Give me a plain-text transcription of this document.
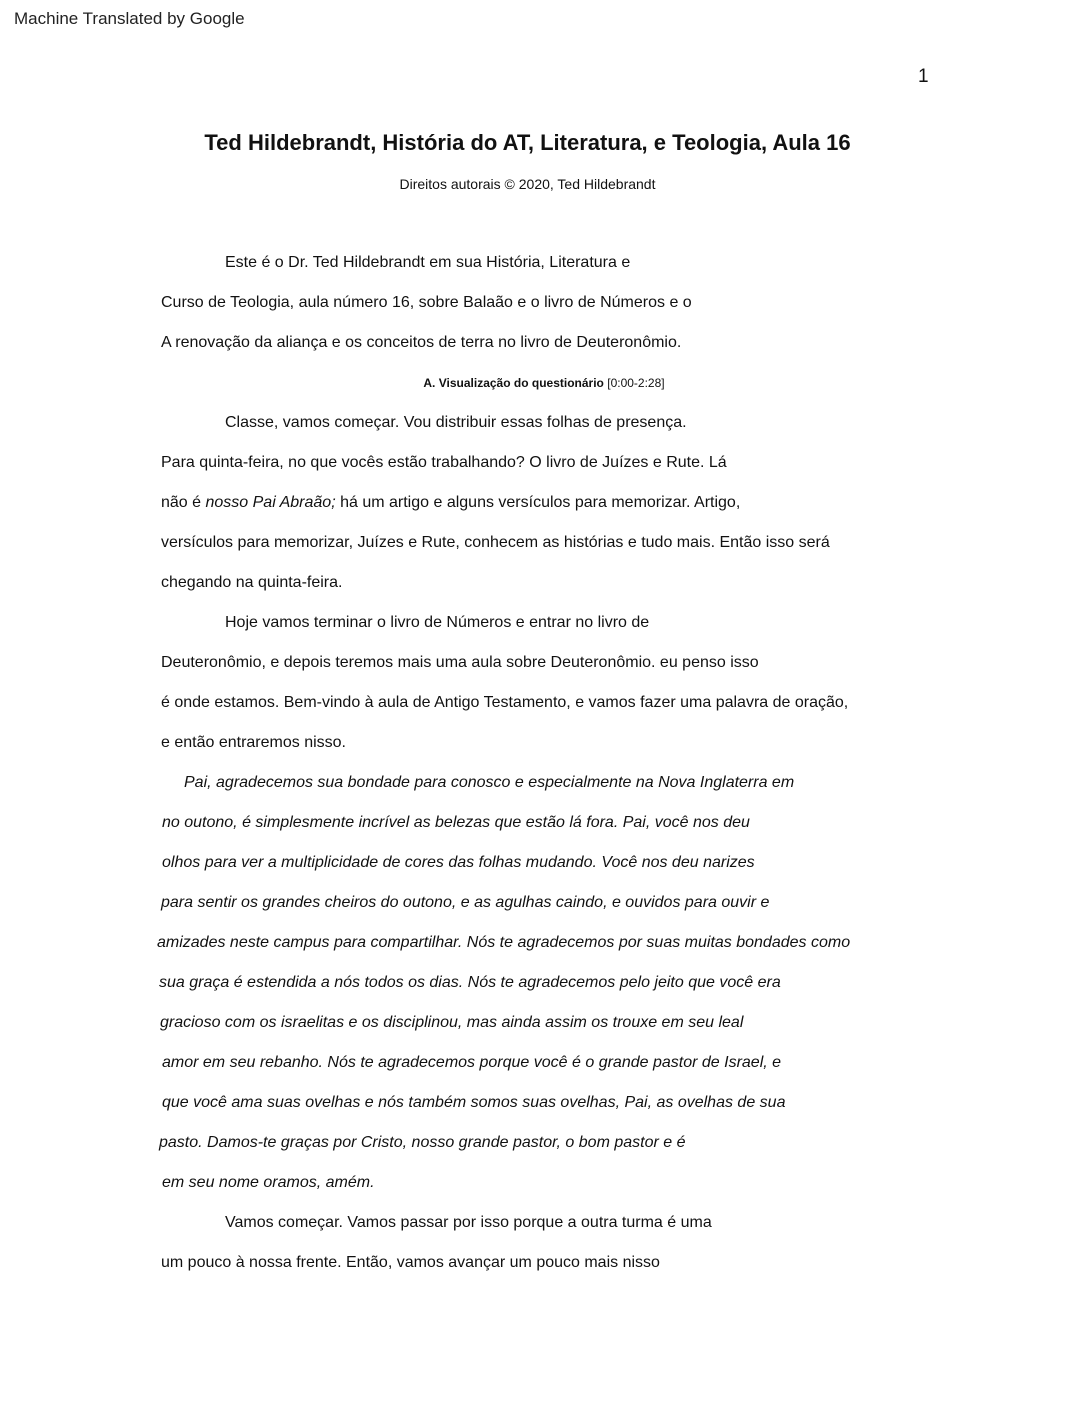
Machine Translated by Google
1
Ted Hildebrandt, História do AT, Literatura, e Teologia, Aula 16
Direitos autorais © 2020, Ted Hildebrandt
Este é o Dr. Ted Hildebrandt em sua História, Literatura e
Curso de Teologia, aula número 16, sobre Balaão e o livro de Números e o
A renovação da aliança e os conceitos de terra no livro de Deuteronômio.
A. Visualização do questionário [0:00-2:28]
Classe, vamos começar. Vou distribuir essas folhas de presença.
Para quinta-feira, no que vocês estão trabalhando? O livro de Juízes e Rute. Lá
não é nosso Pai Abraão; há um artigo e alguns versículos para memorizar. Artigo,
versículos para memorizar, Juízes e Rute, conhecem as histórias e tudo mais. Então isso será
chegando na quinta-feira.
Hoje vamos terminar o livro de Números e entrar no livro de
Deuteronômio, e depois teremos mais uma aula sobre Deuteronômio. eu penso isso
é onde estamos. Bem-vindo à aula de Antigo Testamento, e vamos fazer uma palavra de oração,
e então entraremos nisso.
Pai, agradecemos sua bondade para conosco e especialmente na Nova Inglaterra em
no outono, é simplesmente incrível as belezas que estão lá fora. Pai, você nos deu
olhos para ver a multiplicidade de cores das folhas mudando. Você nos deu narizes
para sentir os grandes cheiros do outono, e as agulhas caindo, e ouvidos para ouvir e
amizades neste campus para compartilhar. Nós te agradecemos por suas muitas bondades como
sua graça é estendida a nós todos os dias. Nós te agradecemos pelo jeito que você era
gracioso com os israelitas e os disciplinou, mas ainda assim os trouxe em seu leal
amor em seu rebanho. Nós te agradecemos porque você é o grande pastor de Israel, e
que você ama suas ovelhas e nós também somos suas ovelhas, Pai, as ovelhas de sua
pasto. Damos-te graças por Cristo, nosso grande pastor, o bom pastor e é
em seu nome oramos, amém.
Vamos começar. Vamos passar por isso porque a outra turma é uma
um pouco à nossa frente. Então, vamos avançar um pouco mais nisso
